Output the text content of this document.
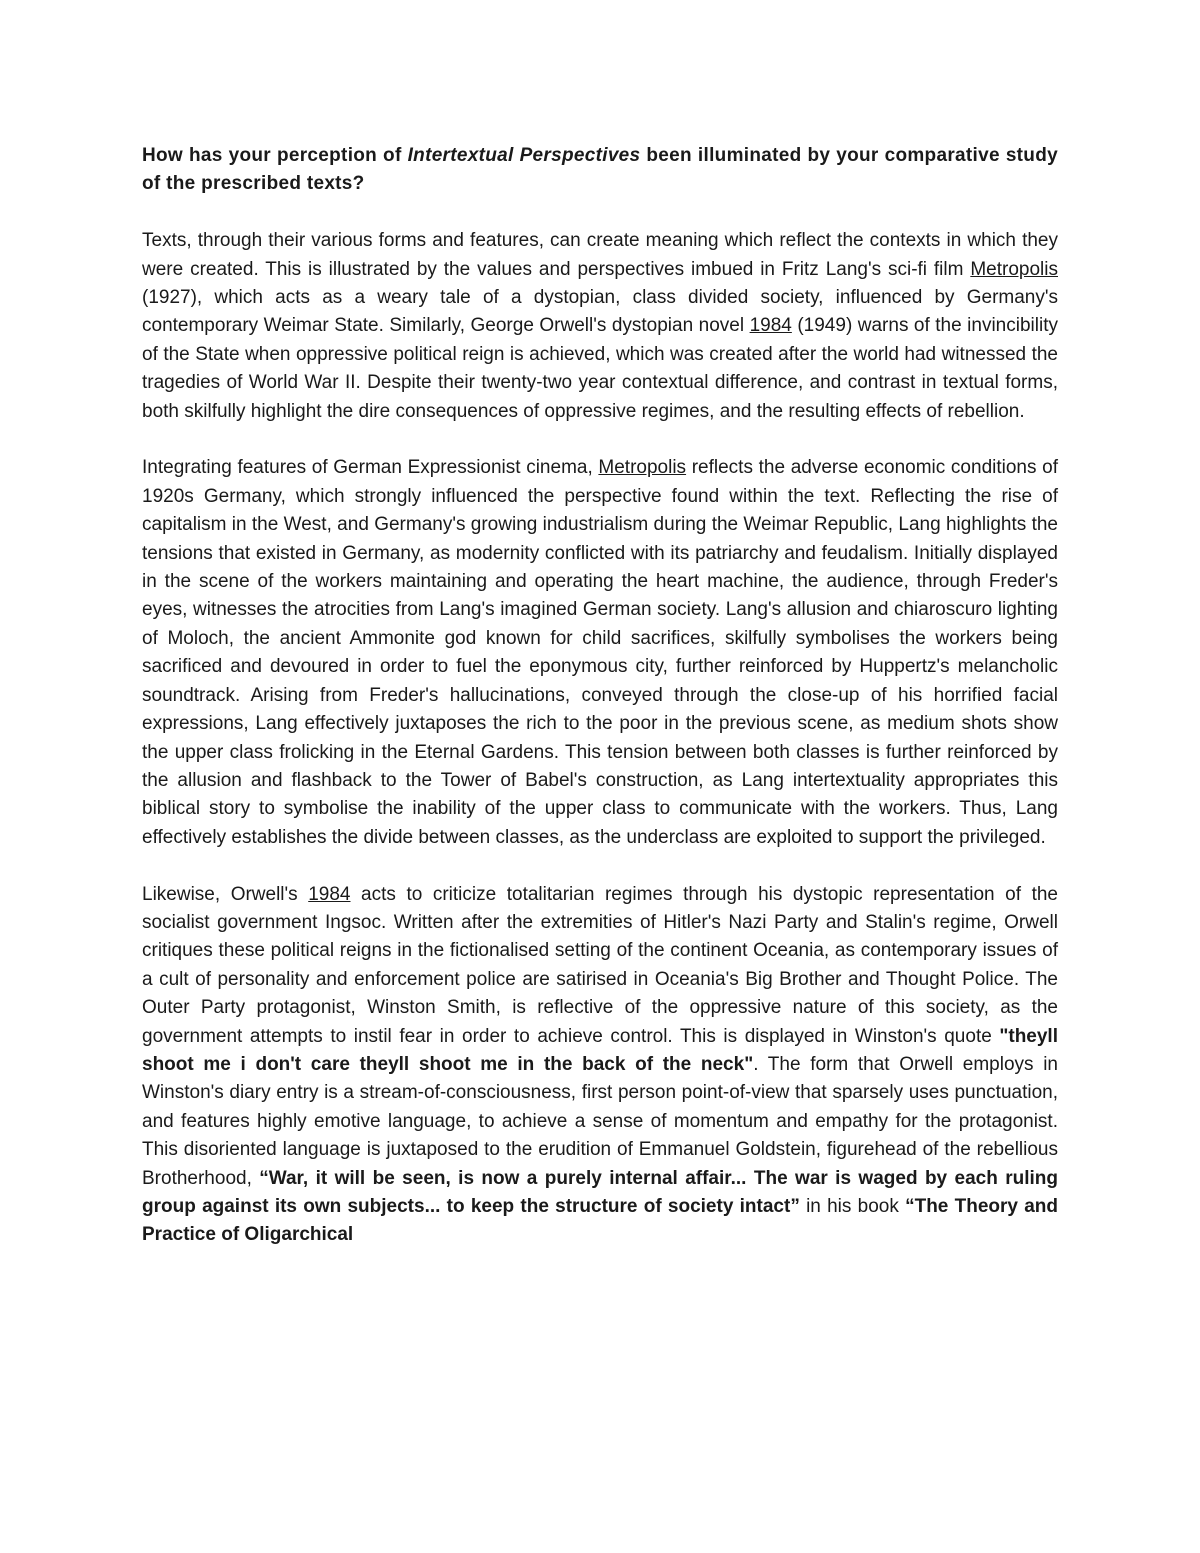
How has your perception of Intertextual Perspectives been illuminated by your comparative study of the prescribed texts?

Texts, through their various forms and features, can create meaning which reflect the contexts in which they were created. This is illustrated by the values and perspectives imbued in Fritz Lang's sci-fi film Metropolis (1927), which acts as a weary tale of a dystopian, class divided society, influenced by Germany's contemporary Weimar State. Similarly, George Orwell's dystopian novel 1984 (1949) warns of the invincibility of the State when oppressive political reign is achieved, which was created after the world had witnessed the tragedies of World War II. Despite their twenty-two year contextual difference, and contrast in textual forms, both skilfully highlight the dire consequences of oppressive regimes, and the resulting effects of rebellion.

Integrating features of German Expressionist cinema, Metropolis reflects the adverse economic conditions of 1920s Germany, which strongly influenced the perspective found within the text. Reflecting the rise of capitalism in the West, and Germany's growing industrialism during the Weimar Republic, Lang highlights the tensions that existed in Germany, as modernity conflicted with its patriarchy and feudalism. Initially displayed in the scene of the workers maintaining and operating the heart machine, the audience, through Freder's eyes, witnesses the atrocities from Lang's imagined German society. Lang's allusion and chiaroscuro lighting of Moloch, the ancient Ammonite god known for child sacrifices, skilfully symbolises the workers being sacrificed and devoured in order to fuel the eponymous city, further reinforced by Huppertz's melancholic soundtrack. Arising from Freder's hallucinations, conveyed through the close-up of his horrified facial expressions, Lang effectively juxtaposes the rich to the poor in the previous scene, as medium shots show the upper class frolicking in the Eternal Gardens. This tension between both classes is further reinforced by the allusion and flashback to the Tower of Babel's construction, as Lang intertextuality appropriates this biblical story to symbolise the inability of the upper class to communicate with the workers. Thus, Lang effectively establishes the divide between classes, as the underclass are exploited to support the privileged.

Likewise, Orwell's 1984 acts to criticize totalitarian regimes through his dystopic representation of the socialist government Ingsoc. Written after the extremities of Hitler's Nazi Party and Stalin's regime, Orwell critiques these political reigns in the fictionalised setting of the continent Oceania, as contemporary issues of a cult of personality and enforcement police are satirised in Oceania's Big Brother and Thought Police. The Outer Party protagonist, Winston Smith, is reflective of the oppressive nature of this society, as the government attempts to instil fear in order to achieve control. This is displayed in Winston's quote "theyll shoot me i don't care theyll shoot me in the back of the neck". The form that Orwell employs in Winston's diary entry is a stream-of-consciousness, first person point-of-view that sparsely uses punctuation, and features highly emotive language, to achieve a sense of momentum and empathy for the protagonist. This disoriented language is juxtaposed to the erudition of Emmanuel Goldstein, figurehead of the rebellious Brotherhood, “War, it will be seen, is now a purely internal affair... The war is waged by each ruling group against its own subjects... to keep the structure of society intact” in his book “The Theory and Practice of Oligarchical
